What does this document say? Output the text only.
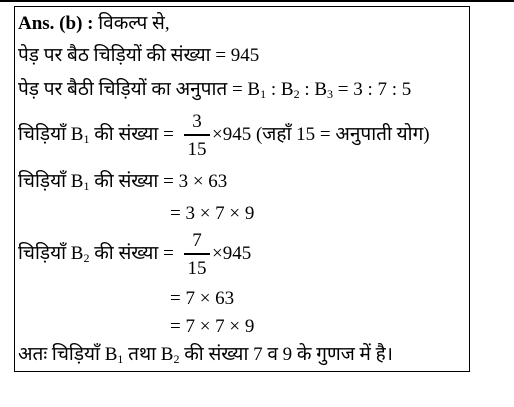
Ans. (b) : विकल्प से,
पेड़ पर बैठ चिड़ियों की संख्या = 945
पेड़ पर बैठी चिड़ियों का अनुपात = $B_1$ : $B_2$ : $B_3 = 3$ : 7 : 5
चिड़ियाँ $B_1$ की संख्या =
3
15
×945 (जहाँ 15 = अनुपाती योग)
चिड़ियाँ $B_1$ की संख्या = 3 × 63
= 3 × 7 × 9
चिड़ियाँ $B_2$ की संख्या =
7
15
×945
= 7 × 63
= 7 × 7 × 9
अतः चिड़ियाँ $B_1$ तथा $B_2$ की संख्या 7 व 9 के गुणज में है।
